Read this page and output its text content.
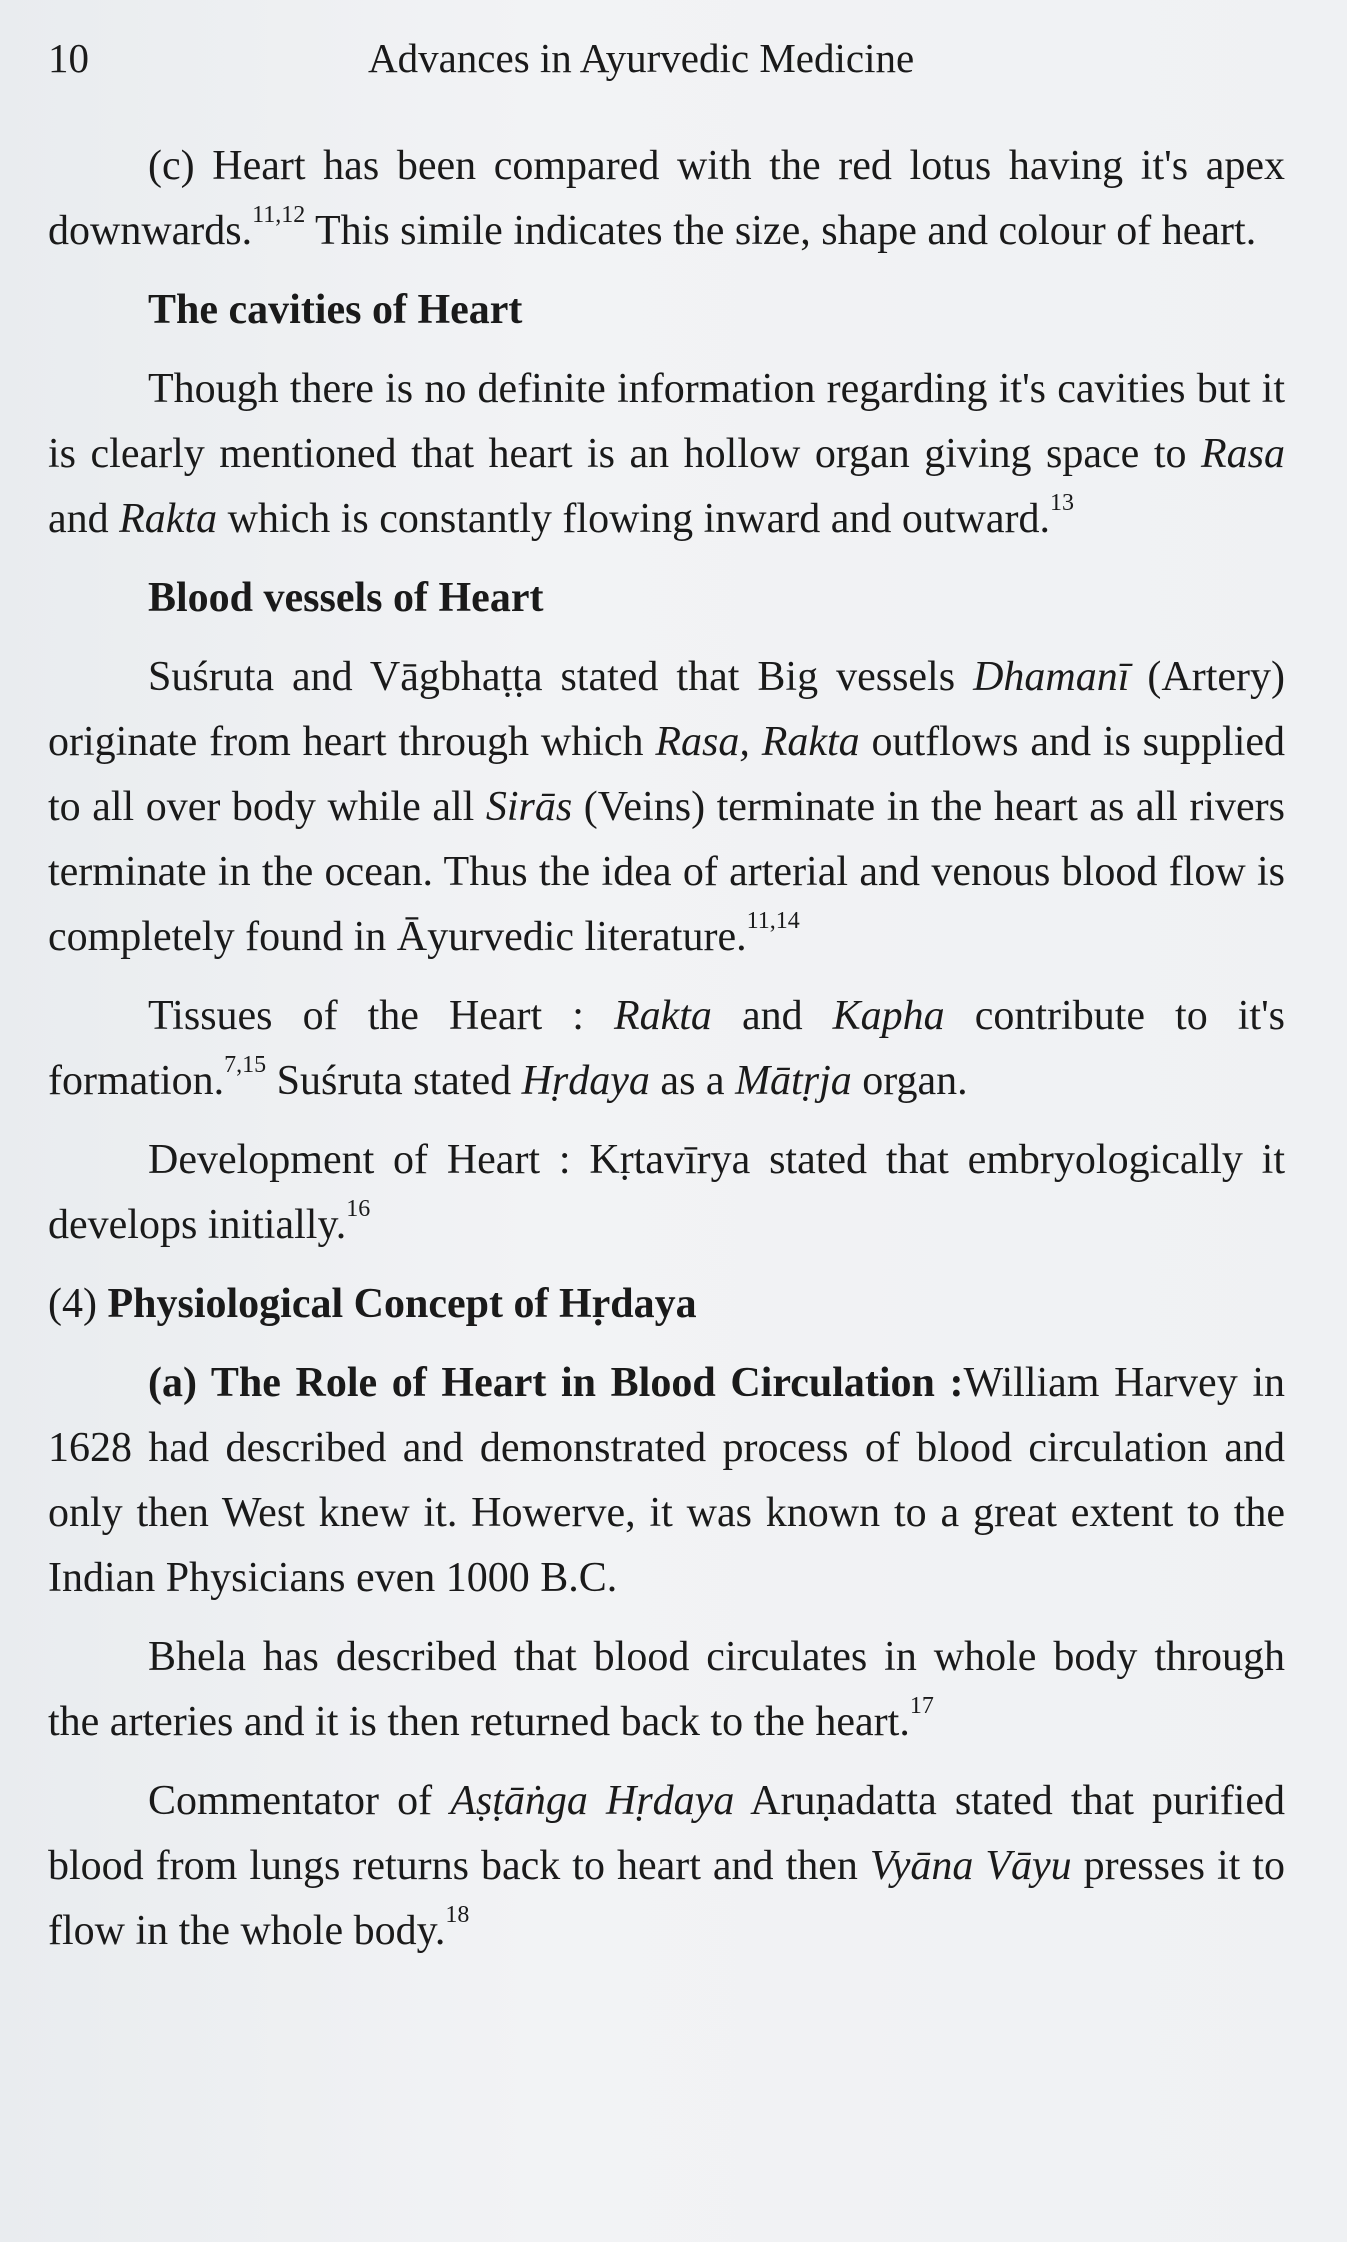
10	Advances in Ayurvedic Medicine

(c) Heart has been compared with the red lotus having it's apex downwards.$^{11,12}$ This simile indicates the size, shape and colour of heart.

The cavities of Heart

Though there is no definite information regarding it's cavities but it is clearly mentioned that heart is an hollow organ giving space to Rasa and Rakta which is constantly flowing inward and outward.$^{13}$

Blood vessels of Heart

Suśruta and Vāgbhaṭṭa stated that Big vessels Dhamanī (Artery) originate from heart through which Rasa, Rakta outflows and is supplied to all over body while all Sirās (Veins) terminate in the heart as all rivers terminate in the ocean. Thus the idea of arterial and venous blood flow is completely found in Āyurvedic literature.$^{11,14}$

Tissues of the Heart : Rakta and Kapha contribute to it's formation.$^{7,15}$ Suśruta stated Hṛdaya as a Mātṛja organ.

Development of Heart : Kṛtavīrya stated that embryologically it develops initially.$^{16}$

(4) Physiological Concept of Hṛdaya

(a) The Role of Heart in Blood Circulation :William Harvey in 1628 had described and demonstrated process of blood circulation and only then West knew it. Howerve, it was known to a great extent to the Indian Physicians even 1000 B.C.

Bhela has described that blood circulates in whole body through the arteries and it is then returned back to the heart.$^{17}$

Commentator of Aṣṭāṅga Hṛdaya Aruṇadatta stated that purified blood from lungs returns back to heart and then Vyāna Vāyu presses it to flow in the whole body.$^{18}$
